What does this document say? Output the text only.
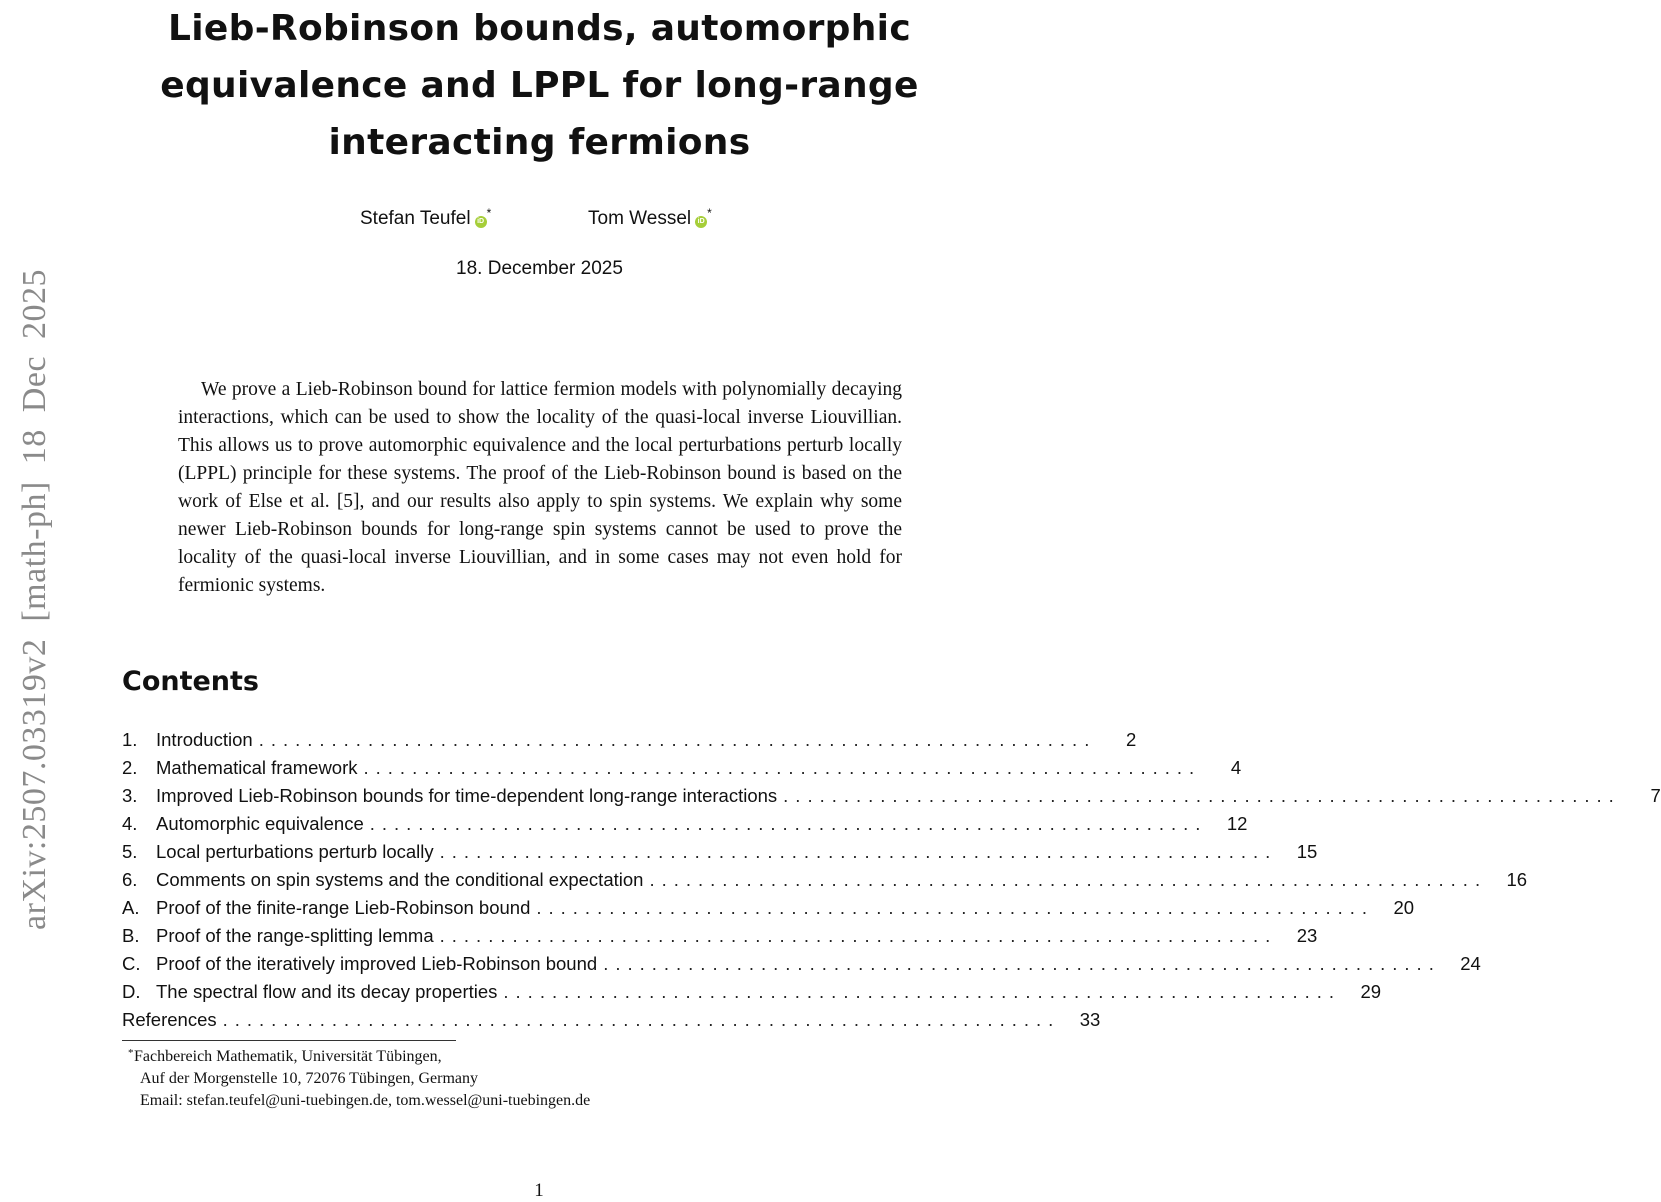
arXiv:2507.03319v2 [math-ph] 18 Dec 2025
Lieb-Robinson bounds, automorphic equivalence and LPPL for long-range interacting fermions
Stefan Teufel iD*	Tom Wessel iD*
18. December 2025
We prove a Lieb-Robinson bound for lattice fermion models with polynomially decaying interactions, which can be used to show the locality of the quasi-local inverse Liouvillian. This allows us to prove automorphic equivalence and the local perturbations perturb locally (LPPL) principle for these systems. The proof of the Lieb-Robinson bound is based on the work of Else et al. [5], and our results also apply to spin systems. We explain why some newer Lieb-Robinson bounds for long-range spin systems cannot be used to prove the locality of the quasi-local inverse Liouvillian, and in some cases may not even hold for fermionic systems.
Contents
1.	Introduction .....................................................................	2
2.	Mathematical framework .....................................................................	4
3.	Improved Lieb-Robinson bounds for time-dependent long-range interactions .....................................................................	7
4.	Automorphic equivalence .....................................................................	12
5.	Local perturbations perturb locally .....................................................................	15
6.	Comments on spin systems and the conditional expectation .....................................................................	16
A. Proof of the finite-range Lieb-Robinson bound .....................................................................	20
B. Proof of the range-splitting lemma .....................................................................	23
C. Proof of the iteratively improved Lieb-Robinson bound .....................................................................	24
D. The spectral flow and its decay properties .....................................................................	29
References .....................................................................	33
* Fachbereich Mathematik, Universität Tübingen,
Auf der Morgenstelle 10, 72076 Tübingen, Germany
Email: stefan.teufel@uni-tuebingen.de, tom.wessel@uni-tuebingen.de
1
